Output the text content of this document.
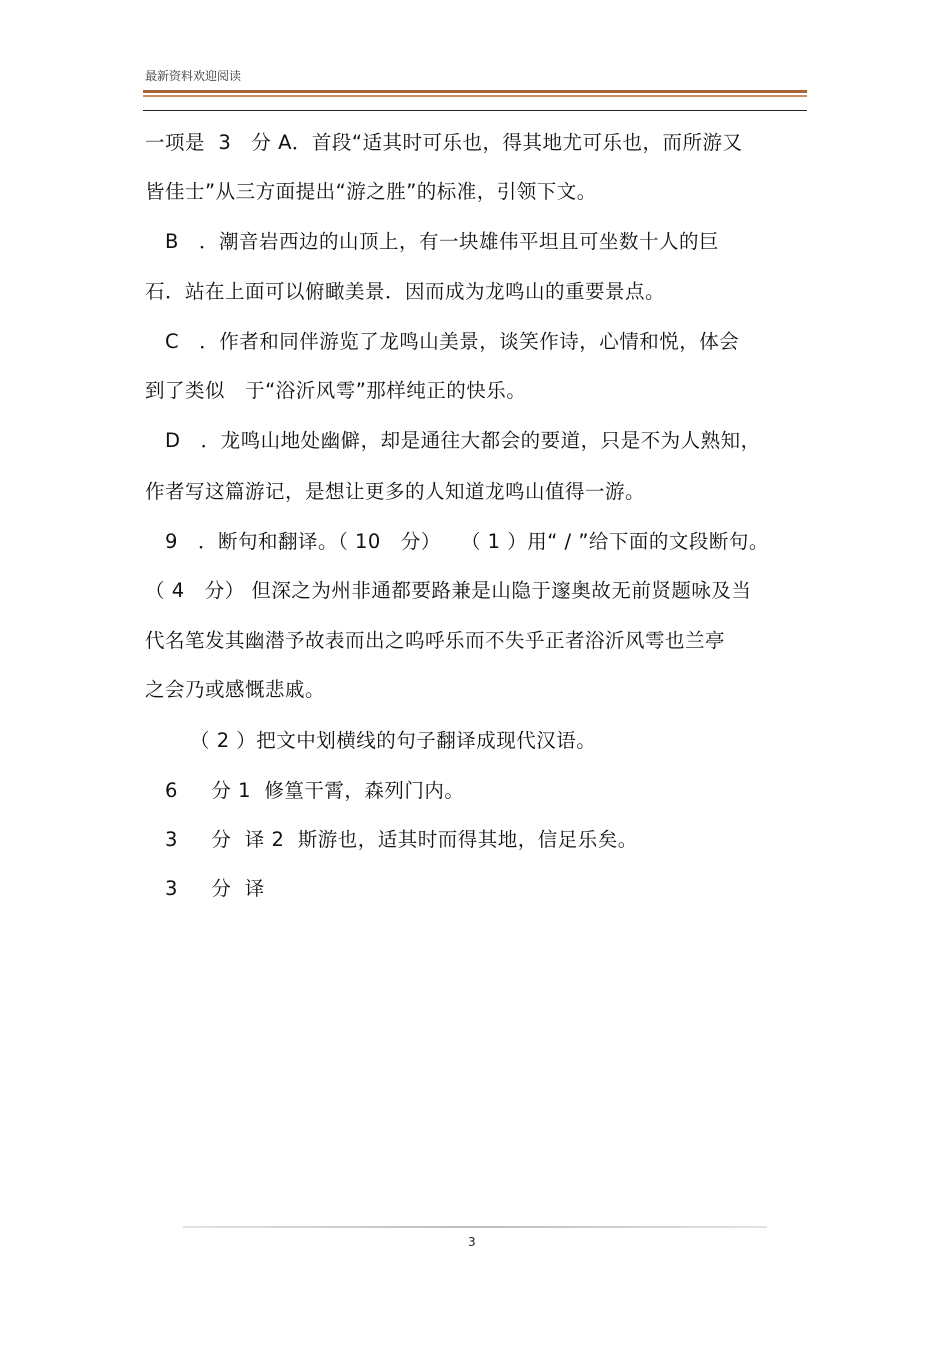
最新资料欢迎阅读
一项是  3   分 A．首段“适其时可乐也，得其地尤可乐也，而所游又
皆佳士”从三方面提出“游之胜”的标准，引领下文。
B   ．潮音岩西边的山顶上，有一块雄伟平坦且可坐数十人的巨
石．站在上面可以俯瞰美景．因而成为龙鸣山的重要景点。
C   ．作者和同伴游览了龙鸣山美景，谈笑作诗，心情和悦，体会
到了类似   于“浴沂风雩”那样纯正的快乐。
D   ．龙鸣山地处幽僻，却是通往大都会的要道，只是不为人熟知，
作者写这篇游记，是想让更多的人知道龙鸣山值得一游。
9   ．断句和翻译。（ 10   分）   （ 1 ）用“ / ”给下面的文段断句。
（ 4   分） 但深之为州非通都要路兼是山隐于邃奥故无前贤题咏及当
代名笔发其幽潜予故表而出之呜呼乐而不失乎正者浴沂风雩也兰亭
之会乃或感慨悲戚。
（ 2 ）把文中划横线的句子翻译成现代汉语。
6     分 1  修篁干霄，森列门内。
3     分  译 2  斯游也，适其时而得其地，信足乐矣。
3     分  译
3
